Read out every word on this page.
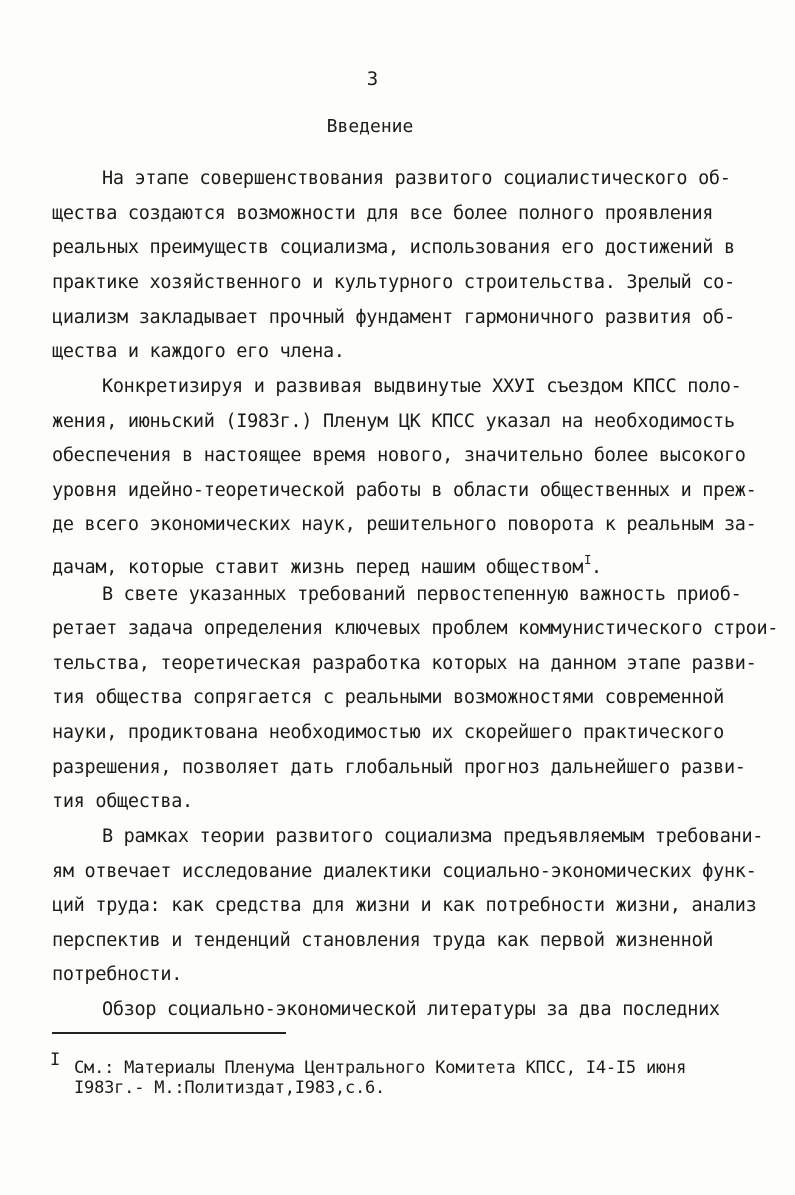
3
Введение
На этапе совершенствования развитого социалистического об-
щества создаются возможности для все более полного проявления
реальных преимуществ социализма, использования его достижений в
практике хозяйственного и культурного строительства. Зрелый со-
циализм закладывает прочный фундамент гармоничного развития об-
щества и каждого его члена.
Конкретизируя и развивая выдвинутые ХХУI съездом КПСС поло-
жения, июньский (I983г.) Пленум ЦК КПСС указал на необходимость
обеспечения в настоящее время нового, значительно более высокого
уровня идейно-теоретической работы в области общественных и преж-
де всего экономических наук, решительного поворота к реальным за-
дачам, которые ставит жизнь перед нашим обществом$^I$.
В свете указанных требований первостепенную важность приоб-
ретает задача определения ключевых проблем коммунистического строи-
тельства, теоретическая разработка которых на данном этапе разви-
тия общества сопрягается с реальными возможностями современной
науки, продиктована необходимостью их скорейшего практического
разрешения, позволяет дать глобальный прогноз дальнейшего разви-
тия общества.
В рамках теории развитого социализма предъявляемым требовани-
ям отвечает исследование диалектики социально-экономических функ-
ций труда: как средства для жизни и как потребности жизни, анализ
перспектив и тенденций становления труда как первой жизненной
потребности.
Обзор социально-экономической литературы за два последних
I См.: Материалы Пленума Центрального Комитета КПСС, I4-I5 июня
I983г.- М.:Политиздат,I983,с.6.
